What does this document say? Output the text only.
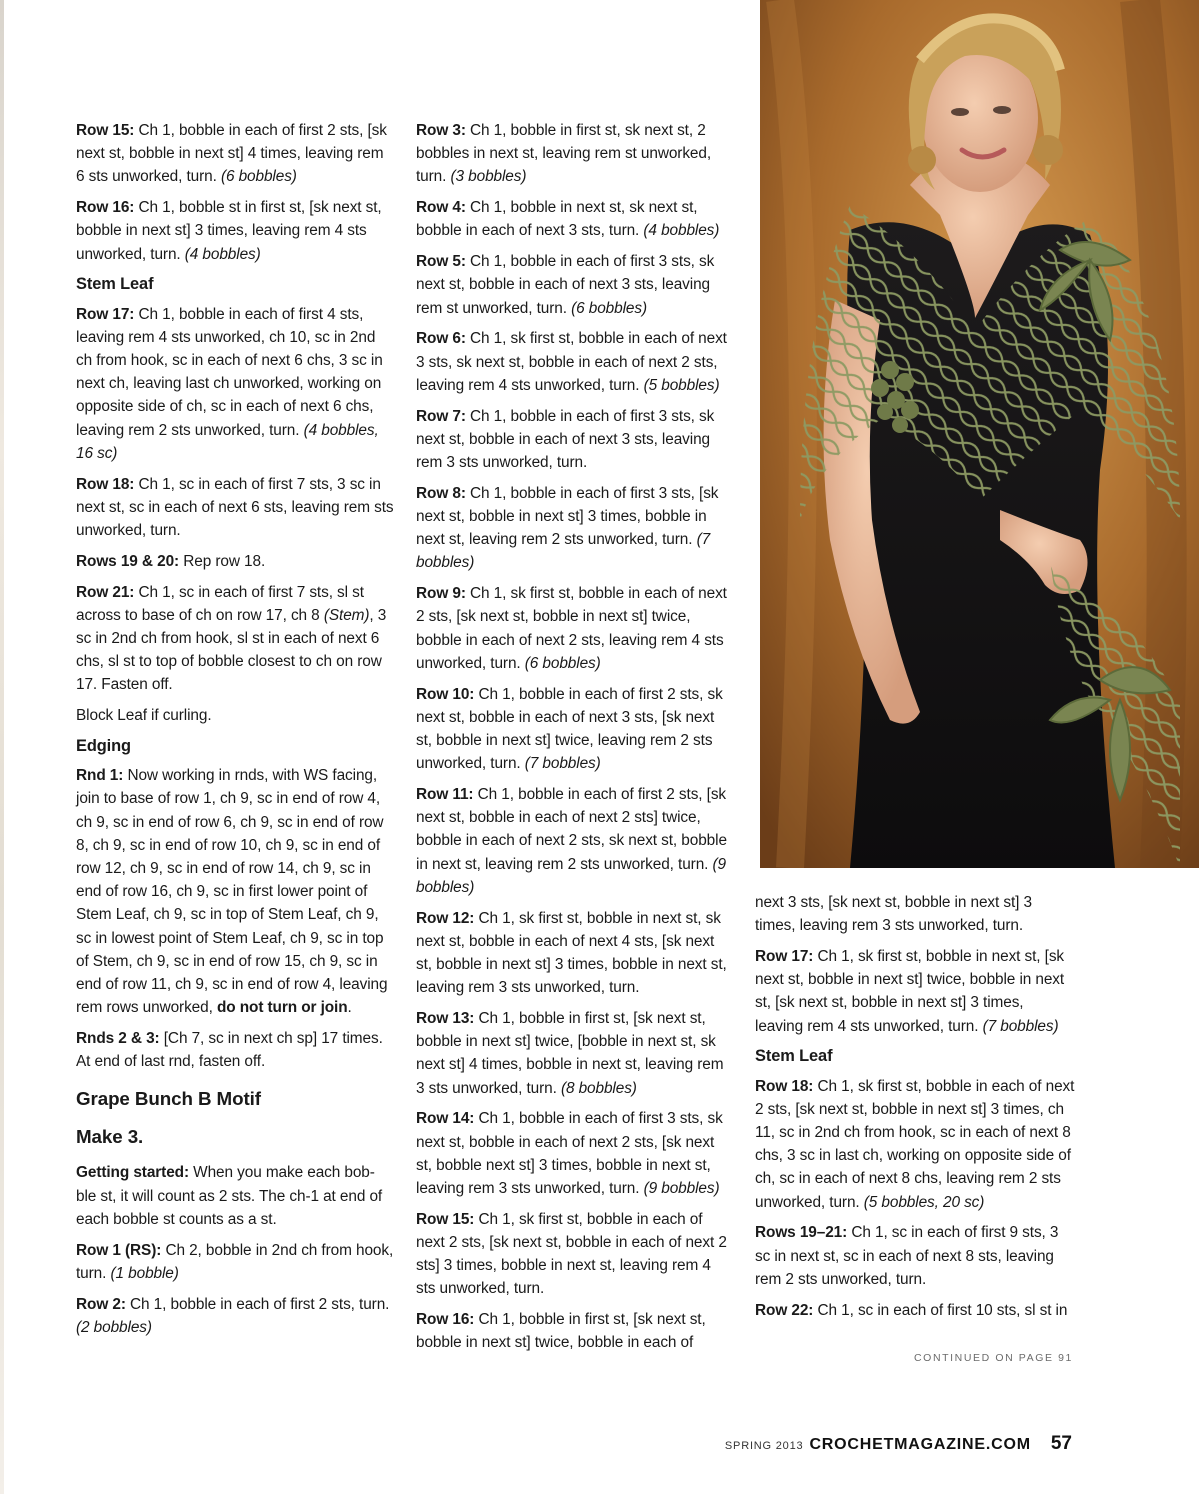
Row 15: Ch 1, bobble in each of first 2 sts, [sk next st, bobble in next st] 4 times, leaving rem 6 sts unworked, turn. (6 bobbles)

Row 16: Ch 1, bobble st in first st, [sk next st, bobble in next st] 3 times, leaving rem 4 sts unworked, turn. (4 bobbles)

Stem Leaf

Row 17: Ch 1, bobble in each of first 4 sts, leaving rem 4 sts unworked, ch 10, sc in 2nd ch from hook, sc in each of next 6 chs, 3 sc in next ch, leaving last ch unworked, working on opposite side of ch, sc in each of next 6 chs, leaving rem 2 sts unworked, turn. (4 bobbles, 16 sc)

Row 18: Ch 1, sc in each of first 7 sts, 3 sc in next st, sc in each of next 6 sts, leaving rem sts unworked, turn.

Rows 19 & 20: Rep row 18.

Row 21: Ch 1, sc in each of first 7 sts, sl st across to base of ch on row 17, ch 8 (Stem), 3 sc in 2nd ch from hook, sl st in each of next 6 chs, sl st to top of bobble closest to ch on row 17. Fasten off.

Block Leaf if curling.

Edging

Rnd 1: Now working in rnds, with WS facing, join to base of row 1, ch 9, sc in end of row 4, ch 9, sc in end of row 6, ch 9, sc in end of row 8, ch 9, sc in end of row 10, ch 9, sc in end of row 12, ch 9, sc in end of row 14, ch 9, sc in end of row 16, ch 9, sc in first lower point of Stem Leaf, ch 9, sc in top of Stem Leaf, ch 9, sc in lowest point of Stem Leaf, ch 9, sc in top of Stem, ch 9, sc in end of row 15, ch 9, sc in end of row 11, ch 9, sc in end of row 4, leaving rem rows unworked, do not turn or join.

Rnds 2 & 3: [Ch 7, sc in next ch sp] 17 times. At end of last rnd, fasten off.

Grape Bunch B Motif
Make 3.

Getting started: When you make each bob-ble st, it will count as 2 sts. The ch-1 at end of each bobble st counts as a st.

Row 1 (RS): Ch 2, bobble in 2nd ch from hook, turn. (1 bobble)

Row 2: Ch 1, bobble in each of first 2 sts, turn. (2 bobbles)

Row 3: Ch 1, bobble in first st, sk next st, 2 bobbles in next st, leaving rem st unworked, turn. (3 bobbles)

Row 4: Ch 1, bobble in next st, sk next st, bobble in each of next 3 sts, turn. (4 bobbles)

Row 5: Ch 1, bobble in each of first 3 sts, sk next st, bobble in each of next 3 sts, leaving rem st unworked, turn. (6 bobbles)

Row 6: Ch 1, sk first st, bobble in each of next 3 sts, sk next st, bobble in each of next 2 sts, leaving rem 4 sts unworked, turn. (5 bobbles)

Row 7: Ch 1, bobble in each of first 3 sts, sk next st, bobble in each of next 3 sts, leaving rem 3 sts unworked, turn.

Row 8: Ch 1, bobble in each of first 3 sts, [sk next st, bobble in next st] 3 times, bobble in next st, leaving rem 2 sts unworked, turn. (7 bobbles)

Row 9: Ch 1, sk first st, bobble in each of next 2 sts, [sk next st, bobble in next st] twice, bobble in each of next 2 sts, leaving rem 4 sts unworked, turn. (6 bobbles)

Row 10: Ch 1, bobble in each of first 2 sts, sk next st, bobble in each of next 3 sts, [sk next st, bobble in next st] twice, leaving rem 2 sts unworked, turn. (7 bobbles)

Row 11: Ch 1, bobble in each of first 2 sts, [sk next st, bobble in each of next 2 sts] twice, bobble in each of next 2 sts, sk next st, bobble in next st, leaving rem 2 sts unworked, turn. (9 bobbles)

Row 12: Ch 1, sk first st, bobble in next st, sk next st, bobble in each of next 4 sts, [sk next st, bobble in next st] 3 times, bobble in next st, leaving rem 3 sts unworked, turn.

Row 13: Ch 1, bobble in first st, [sk next st, bobble in next st] twice, [bobble in next st, sk next st] 4 times, bobble in next st, leaving rem 3 sts unworked, turn. (8 bobbles)

Row 14: Ch 1, bobble in each of first 3 sts, sk next st, bobble in each of next 2 sts, [sk next st, bobble next st] 3 times, bobble in next st, leaving rem 3 sts unworked, turn. (9 bobbles)

Row 15: Ch 1, sk first st, bobble in each of next 2 sts, [sk next st, bobble in each of next 2 sts] 3 times, bobble in next st, leaving rem 4 sts unworked, turn.

Row 16: Ch 1, bobble in first st, [sk next st, bobble in next st] twice, bobble in each of

next 3 sts, [sk next st, bobble in next st] 3 times, leaving rem 3 sts unworked, turn.

Row 17: Ch 1, sk first st, bobble in next st, [sk next st, bobble in next st] twice, bobble in next st, [sk next st, bobble in next st] 3 times, leaving rem 4 sts unworked, turn. (7 bobbles)

Stem Leaf

Row 18: Ch 1, sk first st, bobble in each of next 2 sts, [sk next st, bobble in next st] 3 times, ch 11, sc in 2nd ch from hook, sc in each of next 8 chs, 3 sc in last ch, working on opposite side of ch, sc in each of next 8 chs, leaving rem 2 sts unworked, turn. (5 bobbles, 20 sc)

Rows 19–21: Ch 1, sc in each of first 9 sts, 3 sc in next st, sc in each of next 8 sts, leaving rem 2 sts unworked, turn.

Row 22: Ch 1, sc in each of first 10 sts, sl st in

CONTINUED ON PAGE 91
SPRING 2013 CROCHETMAGAZINE.COM 57
